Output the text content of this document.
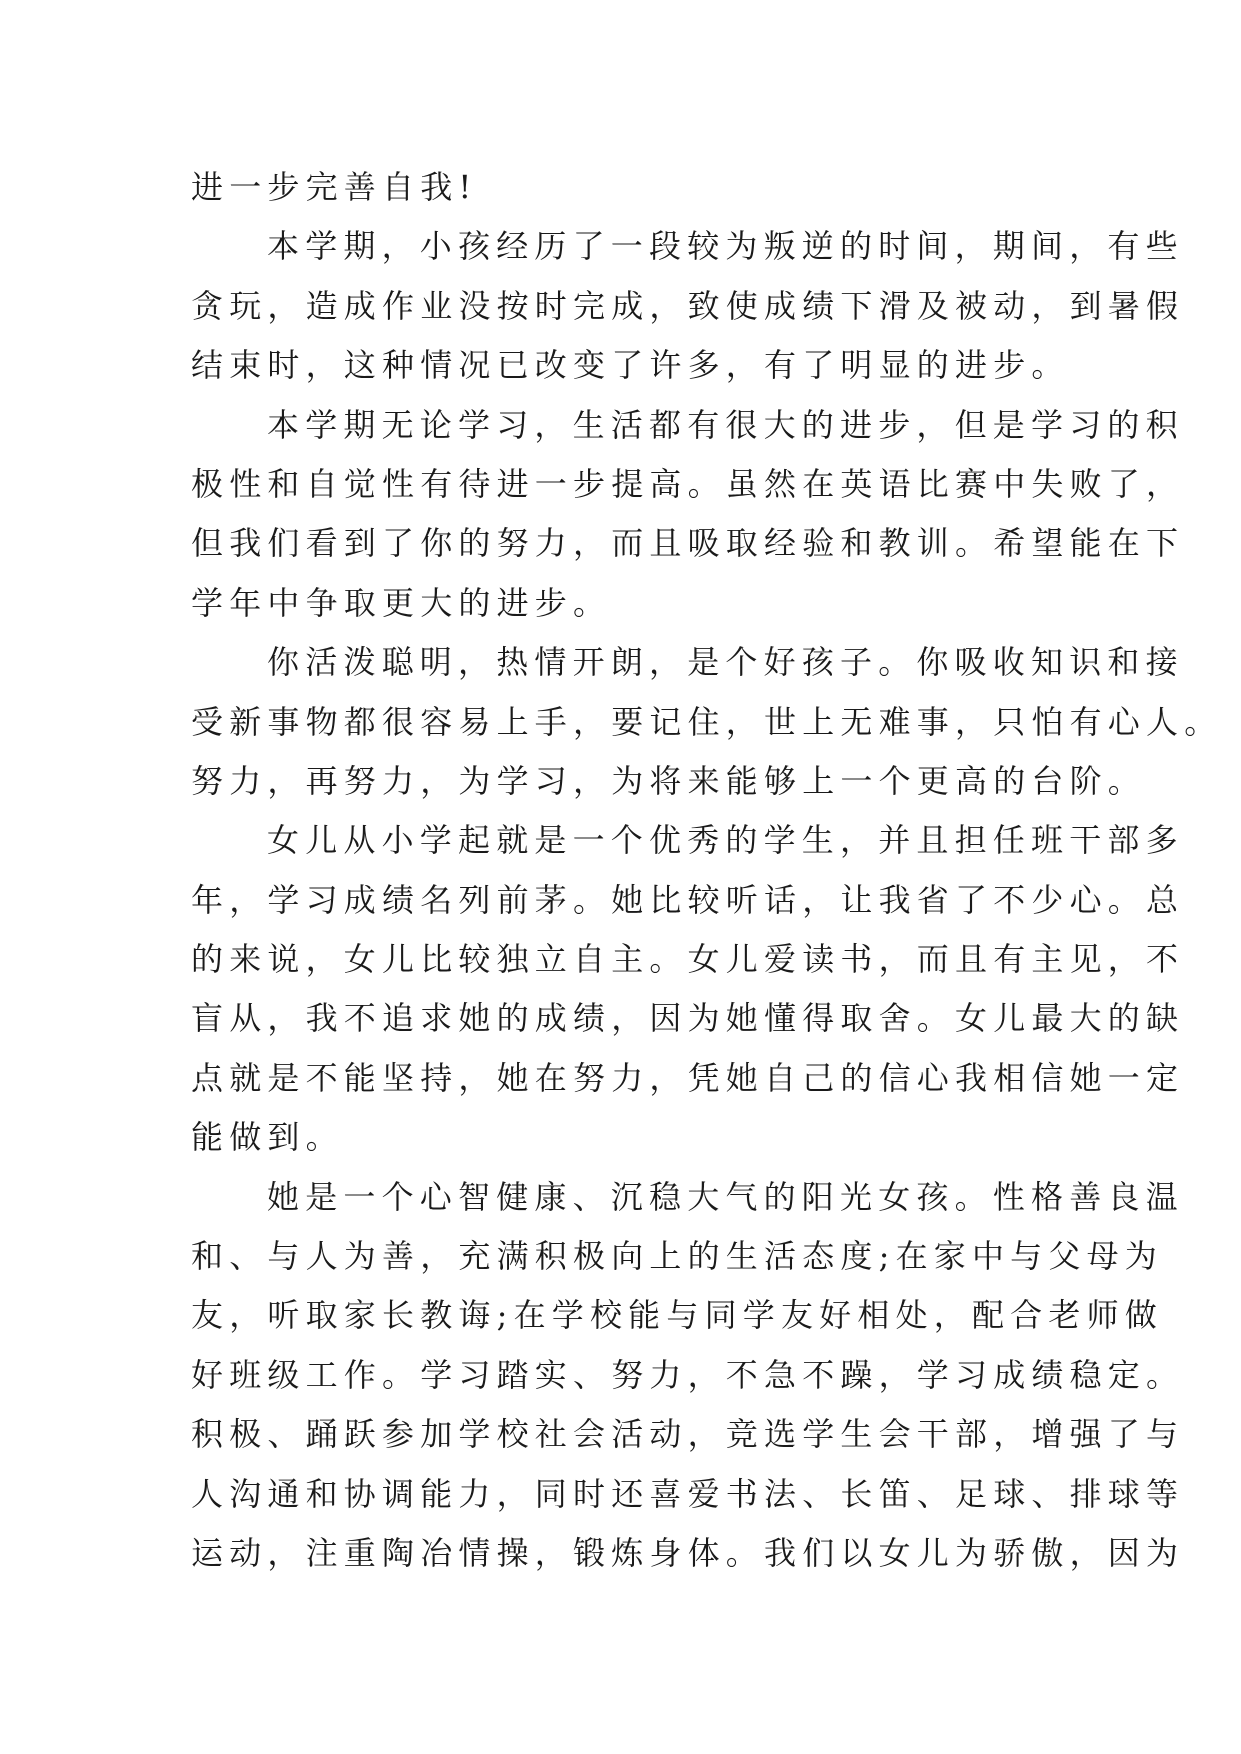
进一步完善自我!
本学期，小孩经历了一段较为叛逆的时间，期间，有些
贪玩，造成作业没按时完成，致使成绩下滑及被动，到暑假
结束时，这种情况已改变了许多，有了明显的进步。
本学期无论学习，生活都有很大的进步，但是学习的积
极性和自觉性有待进一步提高。虽然在英语比赛中失败了，
但我们看到了你的努力，而且吸取经验和教训。希望能在下
学年中争取更大的进步。
你活泼聪明，热情开朗，是个好孩子。你吸收知识和接
受新事物都很容易上手，要记住，世上无难事，只怕有心人。
努力，再努力，为学习，为将来能够上一个更高的台阶。
女儿从小学起就是一个优秀的学生，并且担任班干部多
年，学习成绩名列前茅。她比较听话，让我省了不少心。总
的来说，女儿比较独立自主。女儿爱读书，而且有主见，不
盲从，我不追求她的成绩，因为她懂得取舍。女儿最大的缺
点就是不能坚持，她在努力，凭她自己的信心我相信她一定
能做到。
她是一个心智健康、沉稳大气的阳光女孩。性格善良温
和、与人为善，充满积极向上的生活态度;在家中与父母为
友，听取家长教诲;在学校能与同学友好相处，配合老师做
好班级工作。学习踏实、努力，不急不躁，学习成绩稳定。
积极、踊跃参加学校社会活动，竞选学生会干部，增强了与
人沟通和协调能力，同时还喜爱书法、长笛、足球、排球等
运动，注重陶冶情操，锻炼身体。我们以女儿为骄傲，因为
